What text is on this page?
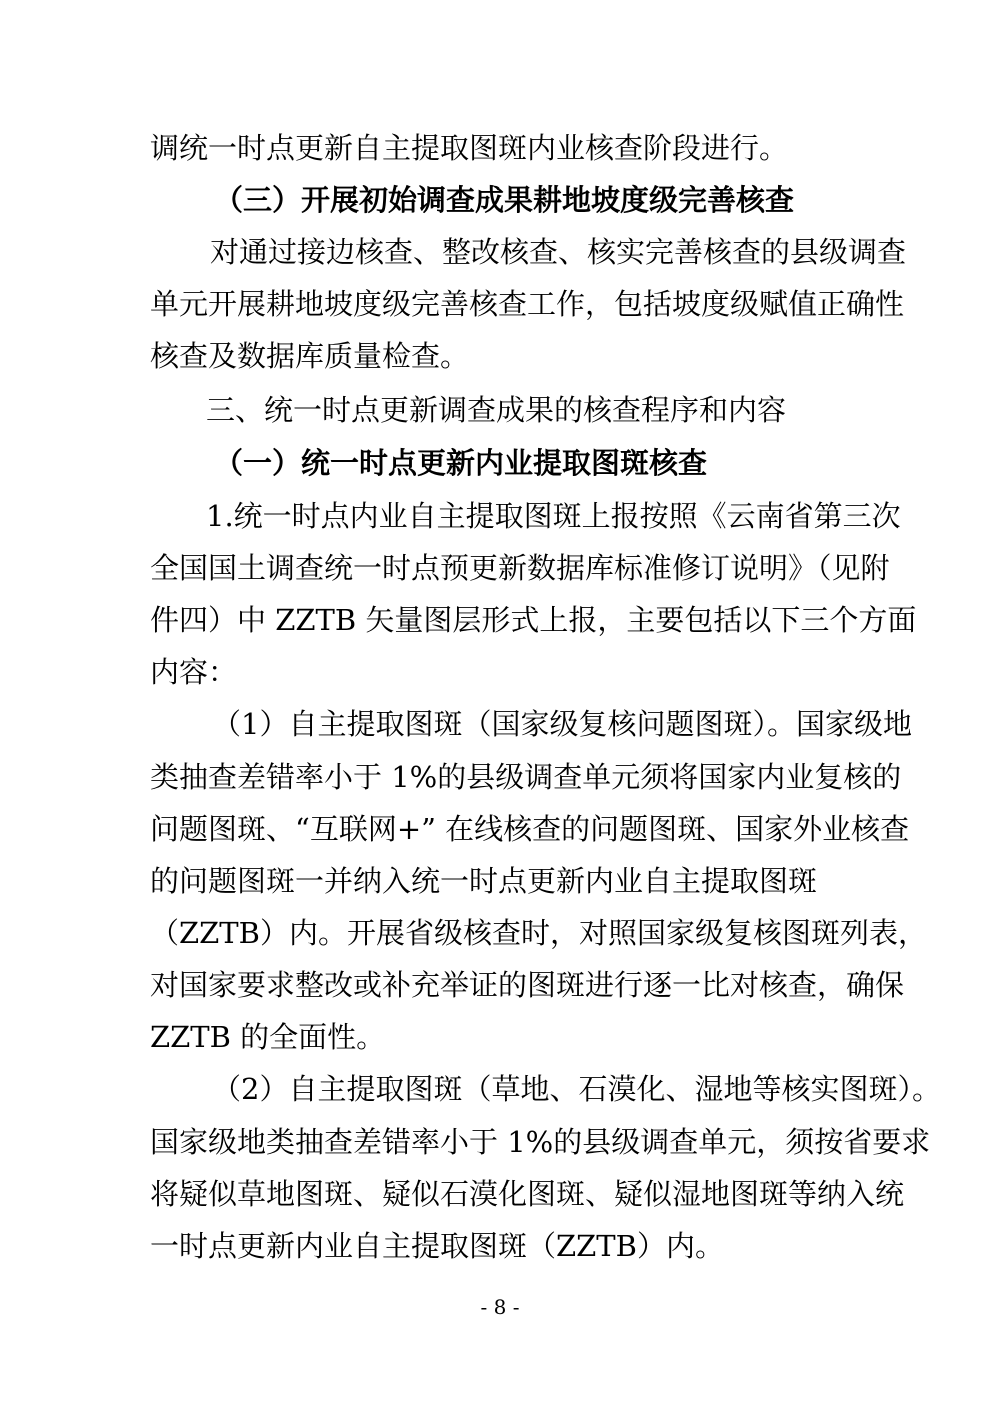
调统一时点更新自主提取图斑内业核查阶段进行。
（三）开展初始调查成果耕地坡度级完善核查
对通过接边核查、整改核查、核实完善核查的县级调查
单元开展耕地坡度级完善核查工作，包括坡度级赋值正确性
核查及数据库质量检查。
三、统一时点更新调查成果的核查程序和内容
（一）统一时点更新内业提取图斑核查
1.统一时点内业自主提取图斑上报按照《云南省第三次
全国国土调查统一时点预更新数据库标准修订说明》（见附
件四）中 ZZTB 矢量图层形式上报，主要包括以下三个方面
内容：
（1）自主提取图斑（国家级复核问题图斑）。国家级地
类抽查差错率小于 1%的县级调查单元须将国家内业复核的
问题图斑、“互联网+” 在线核查的问题图斑、国家外业核查
的问题图斑一并纳入统一时点更新内业自主提取图斑
（ZZTB）内。开展省级核查时，对照国家级复核图斑列表，
对国家要求整改或补充举证的图斑进行逐一比对核查，确保
ZZTB 的全面性。
（2）自主提取图斑（草地、石漠化、湿地等核实图斑）。
国家级地类抽查差错率小于 1%的县级调查单元，须按省要求
将疑似草地图斑、疑似石漠化图斑、疑似湿地图斑等纳入统
一时点更新内业自主提取图斑（ZZTB）内。
- 8 -
